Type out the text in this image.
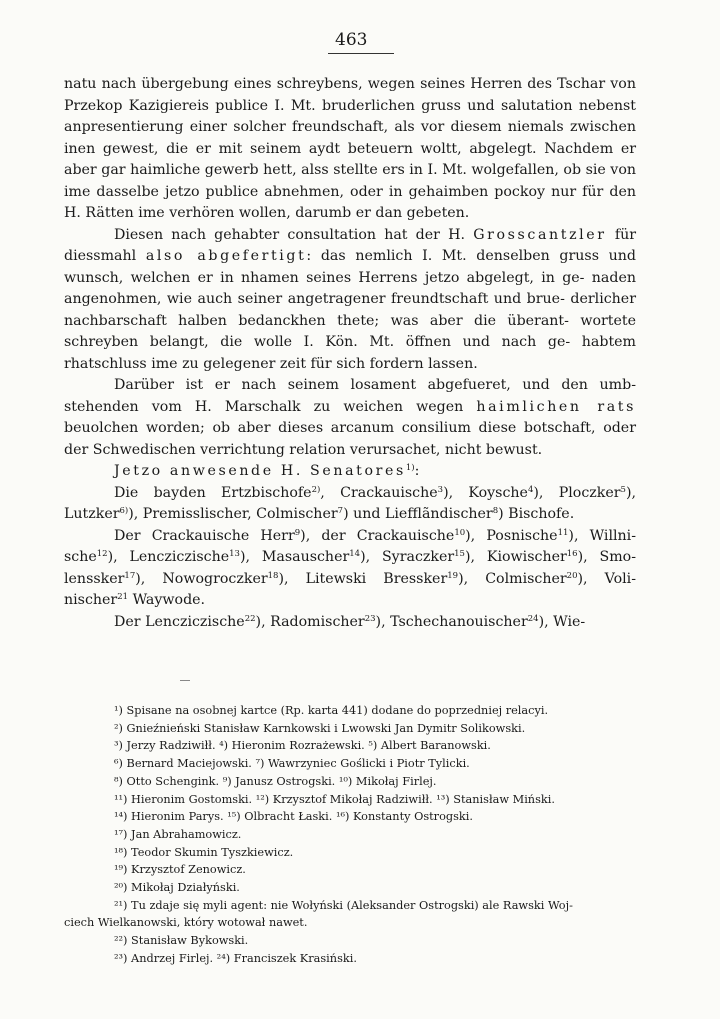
463

natu nach übergebung eines schreybens, wegen seines Herren des Tschar von Przekop Kazigiereis publice I. Mt. bruderlichen gruss und salutation nebenst anpresentierung einer solcher freundschaft, als vor diesem niemals zwischen inen gewest, die er mit seinem aydt beteuern woltt, abgelegt. Nachdem er aber gar haimliche gewerb hett, alss stellte ers in I. Mt. wolgefallen, ob sie von ime dasselbe jetzo publice abnehmen, oder in gehaimben pockoy nur für den H. Rätten ime verhören wollen, darumb er dan gebeten.

Diesen nach gehabter consultation hat der H. Grosscantzler für diessmahl also abgefertigt: das nemlich I. Mt. denselben gruss und wunsch, welchen er in nhamen seines Herrens jetzo abgelegt, in ge- naden angenohmen, wie auch seiner angetragener freundtschaft und brue- derlicher nachbarschaft halben bedanckhen thete; was aber die überant- wortete schreyben belangt, die wolle I. Kön. Mt. öffnen und nach ge- habtem rhatschluss ime zu gelegener zeit für sich fordern lassen.

Darüber ist er nach seinem losament abgefueret, und den umb- stehenden vom H. Marschalk zu weichen wegen haimlichen rats beuolchen worden; ob aber dieses arcanum consilium diese botschaft, oder der Schwedischen verrichtung relation verursachet, nicht bewust.

Jetzo anwesende H. Senatores$^{1)}$:

Die bayden Ertzbischofe$^{2)}$, Crackauische$^3$), Koysche$^4$), Ploczker$^5$), Lutzker$^{6)}$), Premisslischer, Colmischer$^7$) und Liefflãndischer$^8$) Bischofe.

Der Crackauische Herr$^9$), der Crackauische$^{10}$), Posnische$^{11}$), Willni- sche$^{12}$), Lencziczische$^{13}$), Masauscher$^{14}$), Syraczker$^{15}$), Kiowischer$^{16}$), Smo- lenssker$^{17}$), Nowogroczker$^{18}$), Litewski Bressker$^{19}$), Colmischer$^{20}$), Voli- nischer$^{21}$ Waywode.

Der Lencziczische$^{22}$), Radomischer$^{23}$), Tschechanouischer$^{24}$), Wie-

¹) Spisane na osobnej kartce (Rp. karta 441) dodane do poprzedniej relacyi.

²) Gnieźnieński Stanisław Karnkowski i Lwowski Jan Dymitr Solikowski.

³) Jerzy Radziwiłł. ⁴) Hieronim Rozrażewski. ⁵) Albert Baranowski.

⁶) Bernard Maciejowski. ⁷) Wawrzyniec Goślicki i Piotr Tylicki.

⁸) Otto Schengink. ⁹) Janusz Ostrogski. ¹⁰) Mikołaj Firlej.

¹¹) Hieronim Gostomski. ¹²) Krzysztof Mikołaj Radziwiłł. ¹³) Stanisław Miński.

¹⁴) Hieronim Parys. ¹⁵) Olbracht Łaski. ¹⁶) Konstanty Ostrogski.

¹⁷) Jan Abrahamowicz.

¹⁸) Teodor Skumin Tyszkiewicz.

¹⁹) Krzysztof Zenowicz.

²⁰) Mikołaj Działyński.

²¹) Tu zdaje się myli agent: nie Wołyński (Aleksander Ostrogski) ale Rawski Woj-

ciech Wielkanowski, który wotował nawet.

²²) Stanisław Bykowski.

²³) Andrzej Firlej. ²⁴) Franciszek Krasiński.
